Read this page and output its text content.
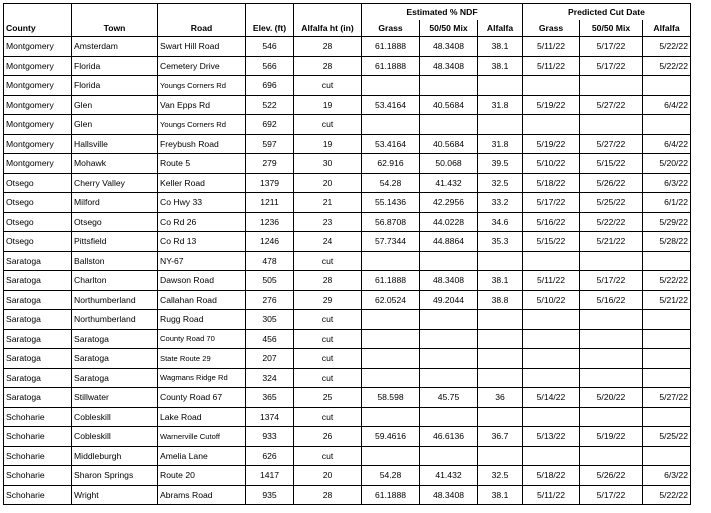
					Estimated % NDF			Predicted Cut Date		
County	Town	Road	Elev. (ft)	Alfalfa ht (in)	Grass	50/50 Mix	Alfalfa	Grass	50/50 Mix	Alfalfa
Montgomery	Amsterdam	Swart Hill Road	546	28	61.1888	48.3408	38.1	5/11/22	5/17/22	5/22/22
Montgomery	Florida	Cemetery Drive	566	28	61.1888	48.3408	38.1	5/11/22	5/17/22	5/22/22
Montgomery	Florida	Youngs Corners Rd	696	cut						
Montgomery	Glen	Van Epps Rd	522	19	53.4164	40.5684	31.8	5/19/22	5/27/22	6/4/22
Montgomery	Glen	Youngs Corners Rd	692	cut						
Montgomery	Hallsville	Freybush Road	597	19	53.4164	40.5684	31.8	5/19/22	5/27/22	6/4/22
Montgomery	Mohawk	Route 5	279	30	62.916	50.068	39.5	5/10/22	5/15/22	5/20/22
Otsego	Cherry Valley	Keller Road	1379	20	54.28	41.432	32.5	5/18/22	5/26/22	6/3/22
Otsego	Milford	Co Hwy 33	1211	21	55.1436	42.2956	33.2	5/17/22	5/25/22	6/1/22
Otsego	Otsego	Co Rd 26	1236	23	56.8708	44.0228	34.6	5/16/22	5/22/22	5/29/22
Otsego	Pittsfield	Co Rd 13	1246	24	57.7344	44.8864	35.3	5/15/22	5/21/22	5/28/22
Saratoga	Ballston	NY-67	478	cut						
Saratoga	Charlton	Dawson Road	505	28	61.1888	48.3408	38.1	5/11/22	5/17/22	5/22/22
Saratoga	Northumberland	Callahan Road	276	29	62.0524	49.2044	38.8	5/10/22	5/16/22	5/21/22
Saratoga	Northumberland	Rugg Road	305	cut						
Saratoga	Saratoga	County Road 70	456	cut						
Saratoga	Saratoga	State Route 29	207	cut						
Saratoga	Saratoga	Wagmans Ridge Rd	324	cut						
Saratoga	Stillwater	County Road 67	365	25	58.598	45.75	36	5/14/22	5/20/22	5/27/22
Schoharie	Cobleskill	Lake Road	1374	cut						
Schoharie	Cobleskill	Warnerville Cutoff	933	26	59.4616	46.6136	36.7	5/13/22	5/19/22	5/25/22
Schoharie	Middleburgh	Amelia Lane	626	cut						
Schoharie	Sharon Springs	Route 20	1417	20	54.28	41.432	32.5	5/18/22	5/26/22	6/3/22
Schoharie	Wright	Abrams Road	935	28	61.1888	48.3408	38.1	5/11/22	5/17/22	5/22/22
